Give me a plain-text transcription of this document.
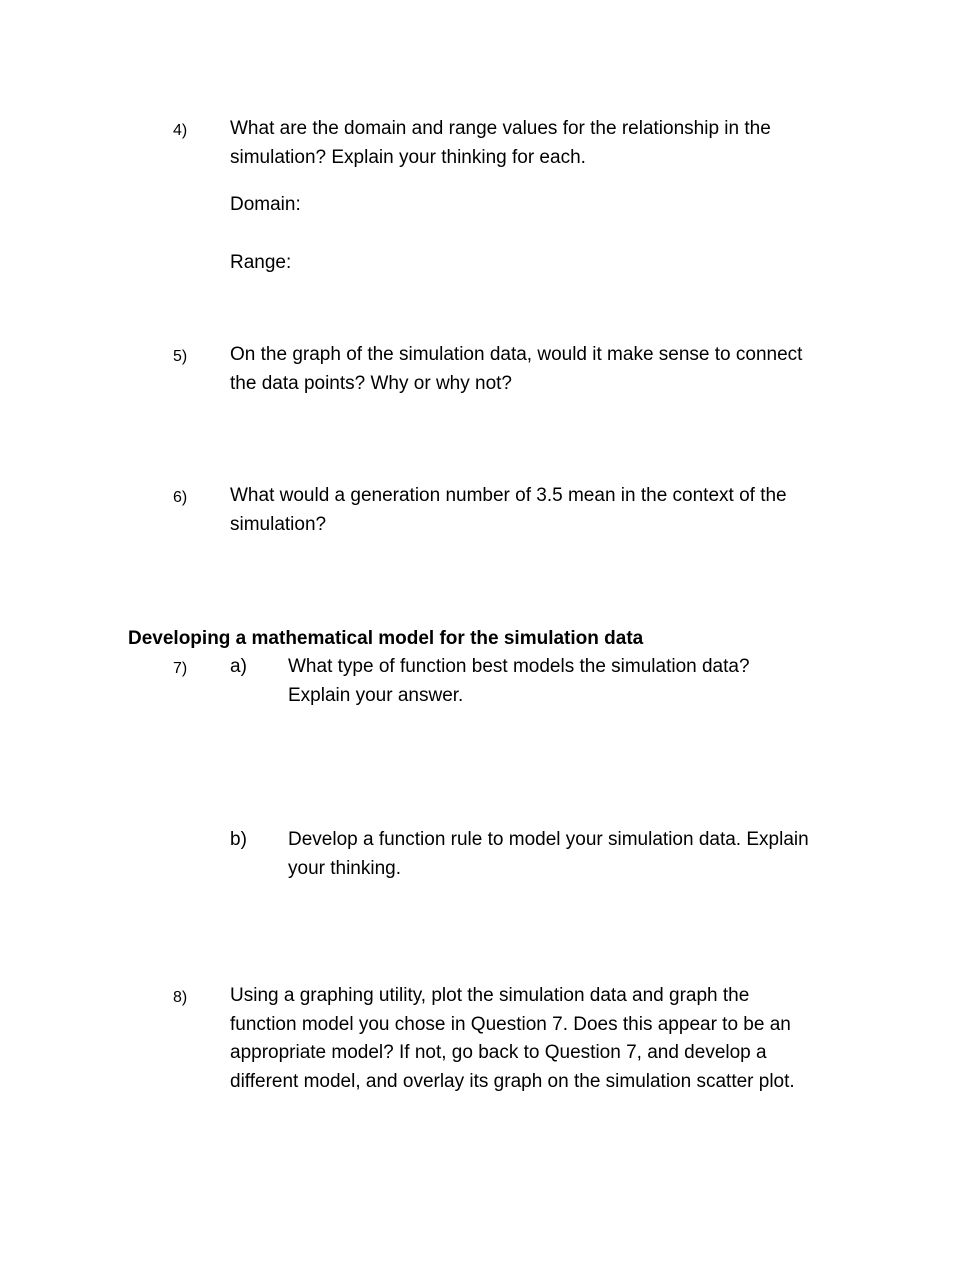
4) What are the domain and range values for the relationship in the
simulation? Explain your thinking for each.
Domain:
Range:
5) On the graph of the simulation data, would it make sense to connect
the data points? Why or why not?
6) What would a generation number of 3.5 mean in the context of the
simulation?
Developing a mathematical model for the simulation data
7) a) What type of function best models the simulation data?
Explain your answer.
b) Develop a function rule to model your simulation data. Explain
your thinking.
8) Using a graphing utility, plot the simulation data and graph the
function model you chose in Question 7. Does this appear to be an
appropriate model? If not, go back to Question 7, and develop a
different model, and overlay its graph on the simulation scatter plot.
